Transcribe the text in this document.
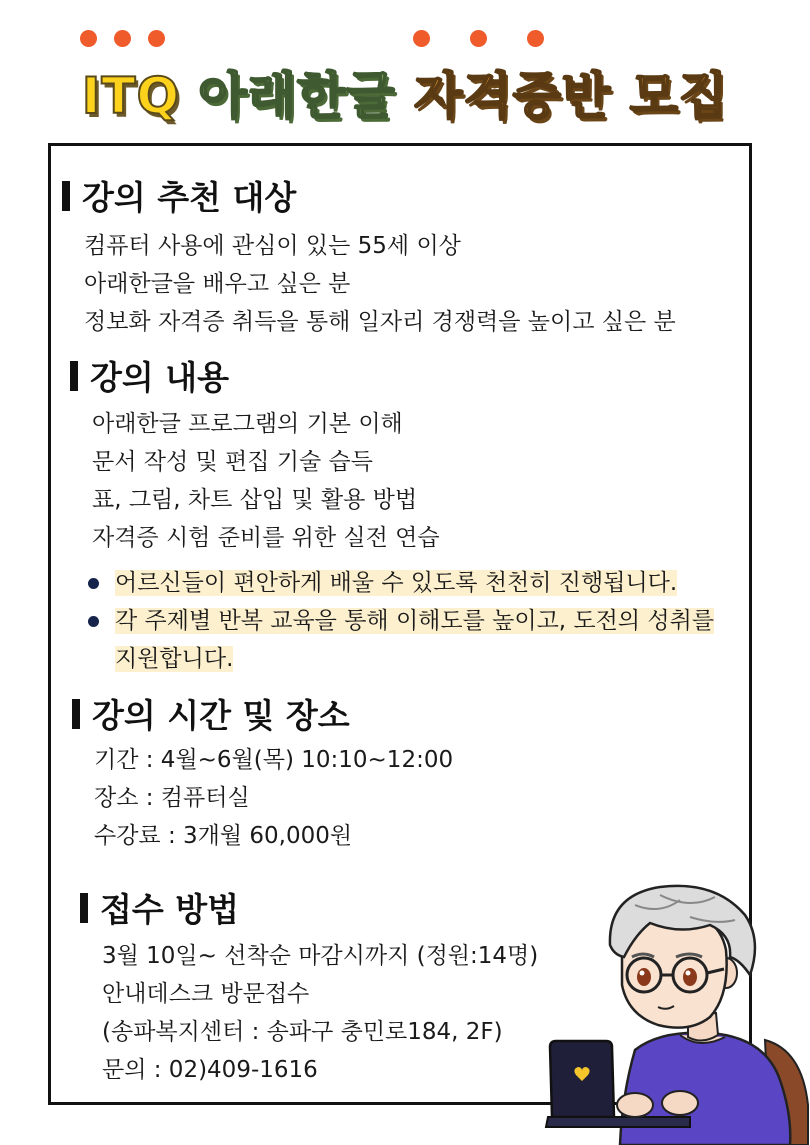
ITQ 아래한글 자격증반 모집
강의 추천 대상
컴퓨터 사용에 관심이 있는 55세 이상
아래한글을 배우고 싶은 분
정보화 자격증 취득을 통해 일자리 경쟁력을 높이고 싶은 분
강의 내용
아래한글 프로그램의 기본 이해
문서 작성 및 편집 기술 습득
표, 그림, 차트 삽입 및 활용 방법
자격증 시험 준비를 위한 실전 연습
어르신들이 편안하게 배울 수 있도록 천천히 진행됩니다.
각 주제별 반복 교육을 통해 이해도를 높이고, 도전의 성취를
지원합니다.
강의 시간 및 장소
기간 : 4월~6월(목) 10:10~12:00
장소 : 컴퓨터실
수강료 : 3개월 60,000원
접수 방법
3월 10일~ 선착순 마감시까지 (정원:14명)
안내데스크 방문접수
(송파복지센터 : 송파구 충민로184, 2F)
문의 : 02)409-1616
